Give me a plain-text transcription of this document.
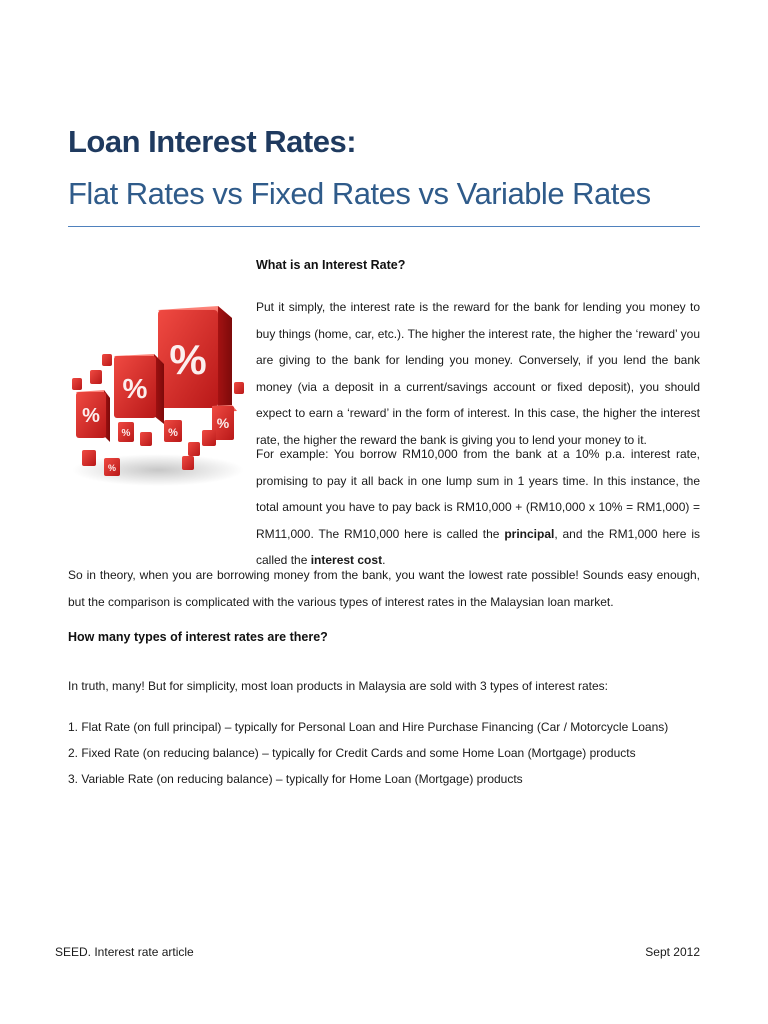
Loan Interest Rates:
Flat Rates vs Fixed Rates vs Variable Rates
%
%
%	%
%	%
%
What is an Interest Rate?
Put it simply, the interest rate is the reward for the bank for lending you money to buy things (home, car, etc.). The higher the interest rate, the higher the ‘reward’ you are giving to the bank for lending you money. Conversely, if you lend the bank money (via a deposit in a current/savings account or fixed deposit), you should expect to earn a ‘reward’ in the form of interest. In this case, the higher the interest rate, the higher the reward the bank is giving you to lend your money to it.
For example: You borrow RM10,000 from the bank at a 10% p.a. interest rate, promising to pay it all back in one lump sum in 1 years time. In this instance, the total amount you have to pay back is RM10,000 + (RM10,000 x 10% = RM1,000) = RM11,000. The RM10,000 here is called the principal, and the RM1,000 here is called the interest cost.
So in theory, when you are borrowing money from the bank, you want the lowest rate possible! Sounds easy enough, but the comparison is complicated with the various types of interest rates in the Malaysian loan market.
How many types of interest rates are there?
In truth, many! But for simplicity, most loan products in Malaysia are sold with 3 types of interest rates:
1. Flat Rate (on full principal) – typically for Personal Loan and Hire Purchase Financing (Car / Motorcycle Loans)
2. Fixed Rate (on reducing balance) – typically for Credit Cards and some Home Loan (Mortgage) products
3. Variable Rate (on reducing balance) – typically for Home Loan (Mortgage) products
SEED. Interest rate article	Sept 2012
